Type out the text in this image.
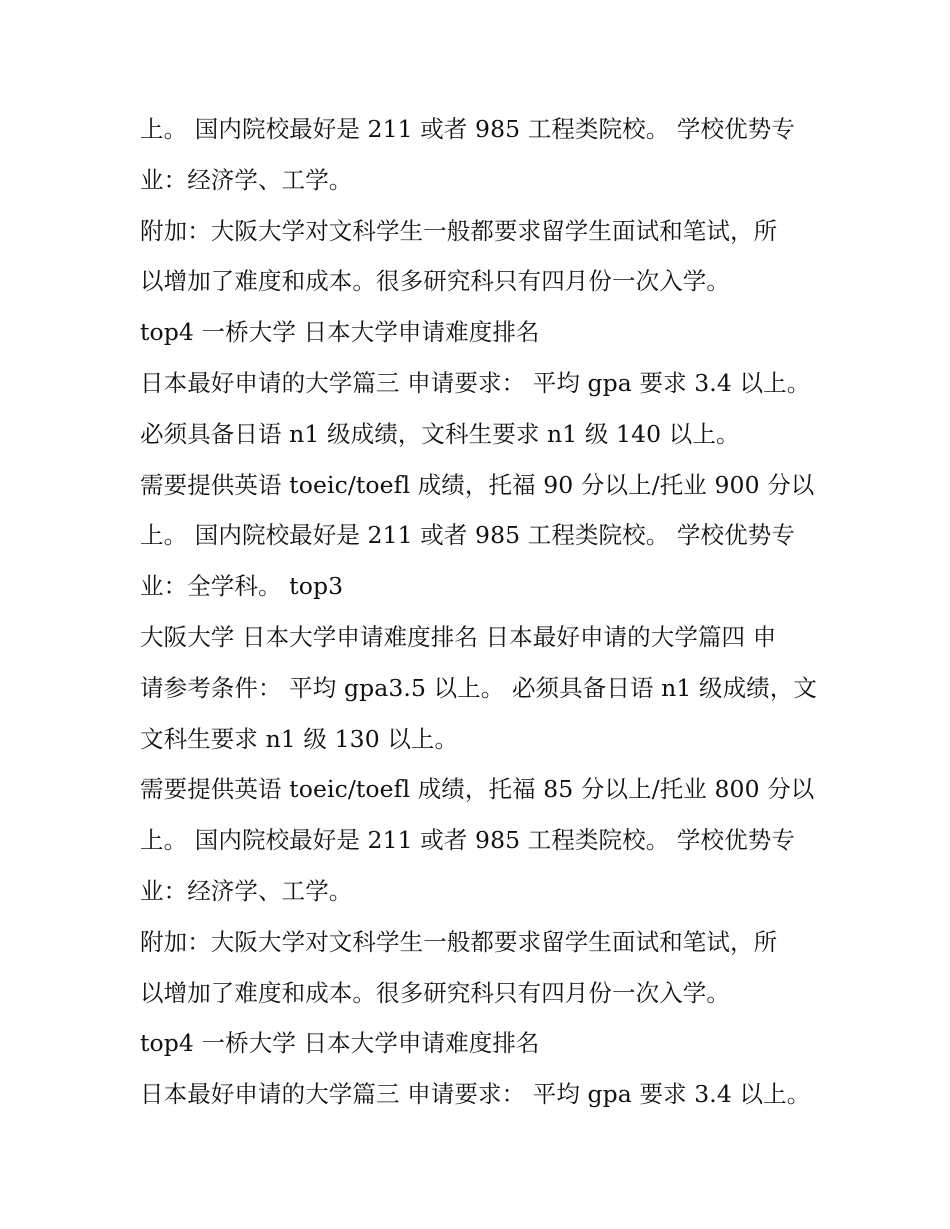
上。 国内院校最好是 211 或者 985 工程类院校。 学校优势专
业：经济学、工学。
附加：大阪大学对文科学生一般都要求留学生面试和笔试，所
以增加了难度和成本。很多研究科只有四月份一次入学。
top4 一桥大学 日本大学申请难度排名
日本最好申请的大学篇三 申请要求： 平均 gpa 要求 3.4 以上。
必须具备日语 n1 级成绩，文科生要求 n1 级 140 以上。
需要提供英语 toeic/toefl 成绩，托福 90 分以上/托业 900 分以
上。 国内院校最好是 211 或者 985 工程类院校。 学校优势专
业：全学科。 top3
大阪大学 日本大学申请难度排名 日本最好申请的大学篇四 申
请参考条件： 平均 gpa3.5 以上。 必须具备日语 n1 级成绩，文
文科生要求 n1 级 130 以上。
需要提供英语 toeic/toefl 成绩，托福 85 分以上/托业 800 分以
上。 国内院校最好是 211 或者 985 工程类院校。 学校优势专
业：经济学、工学。
附加：大阪大学对文科学生一般都要求留学生面试和笔试，所
以增加了难度和成本。很多研究科只有四月份一次入学。
top4 一桥大学 日本大学申请难度排名
日本最好申请的大学篇三 申请要求： 平均 gpa 要求 3.4 以上。
